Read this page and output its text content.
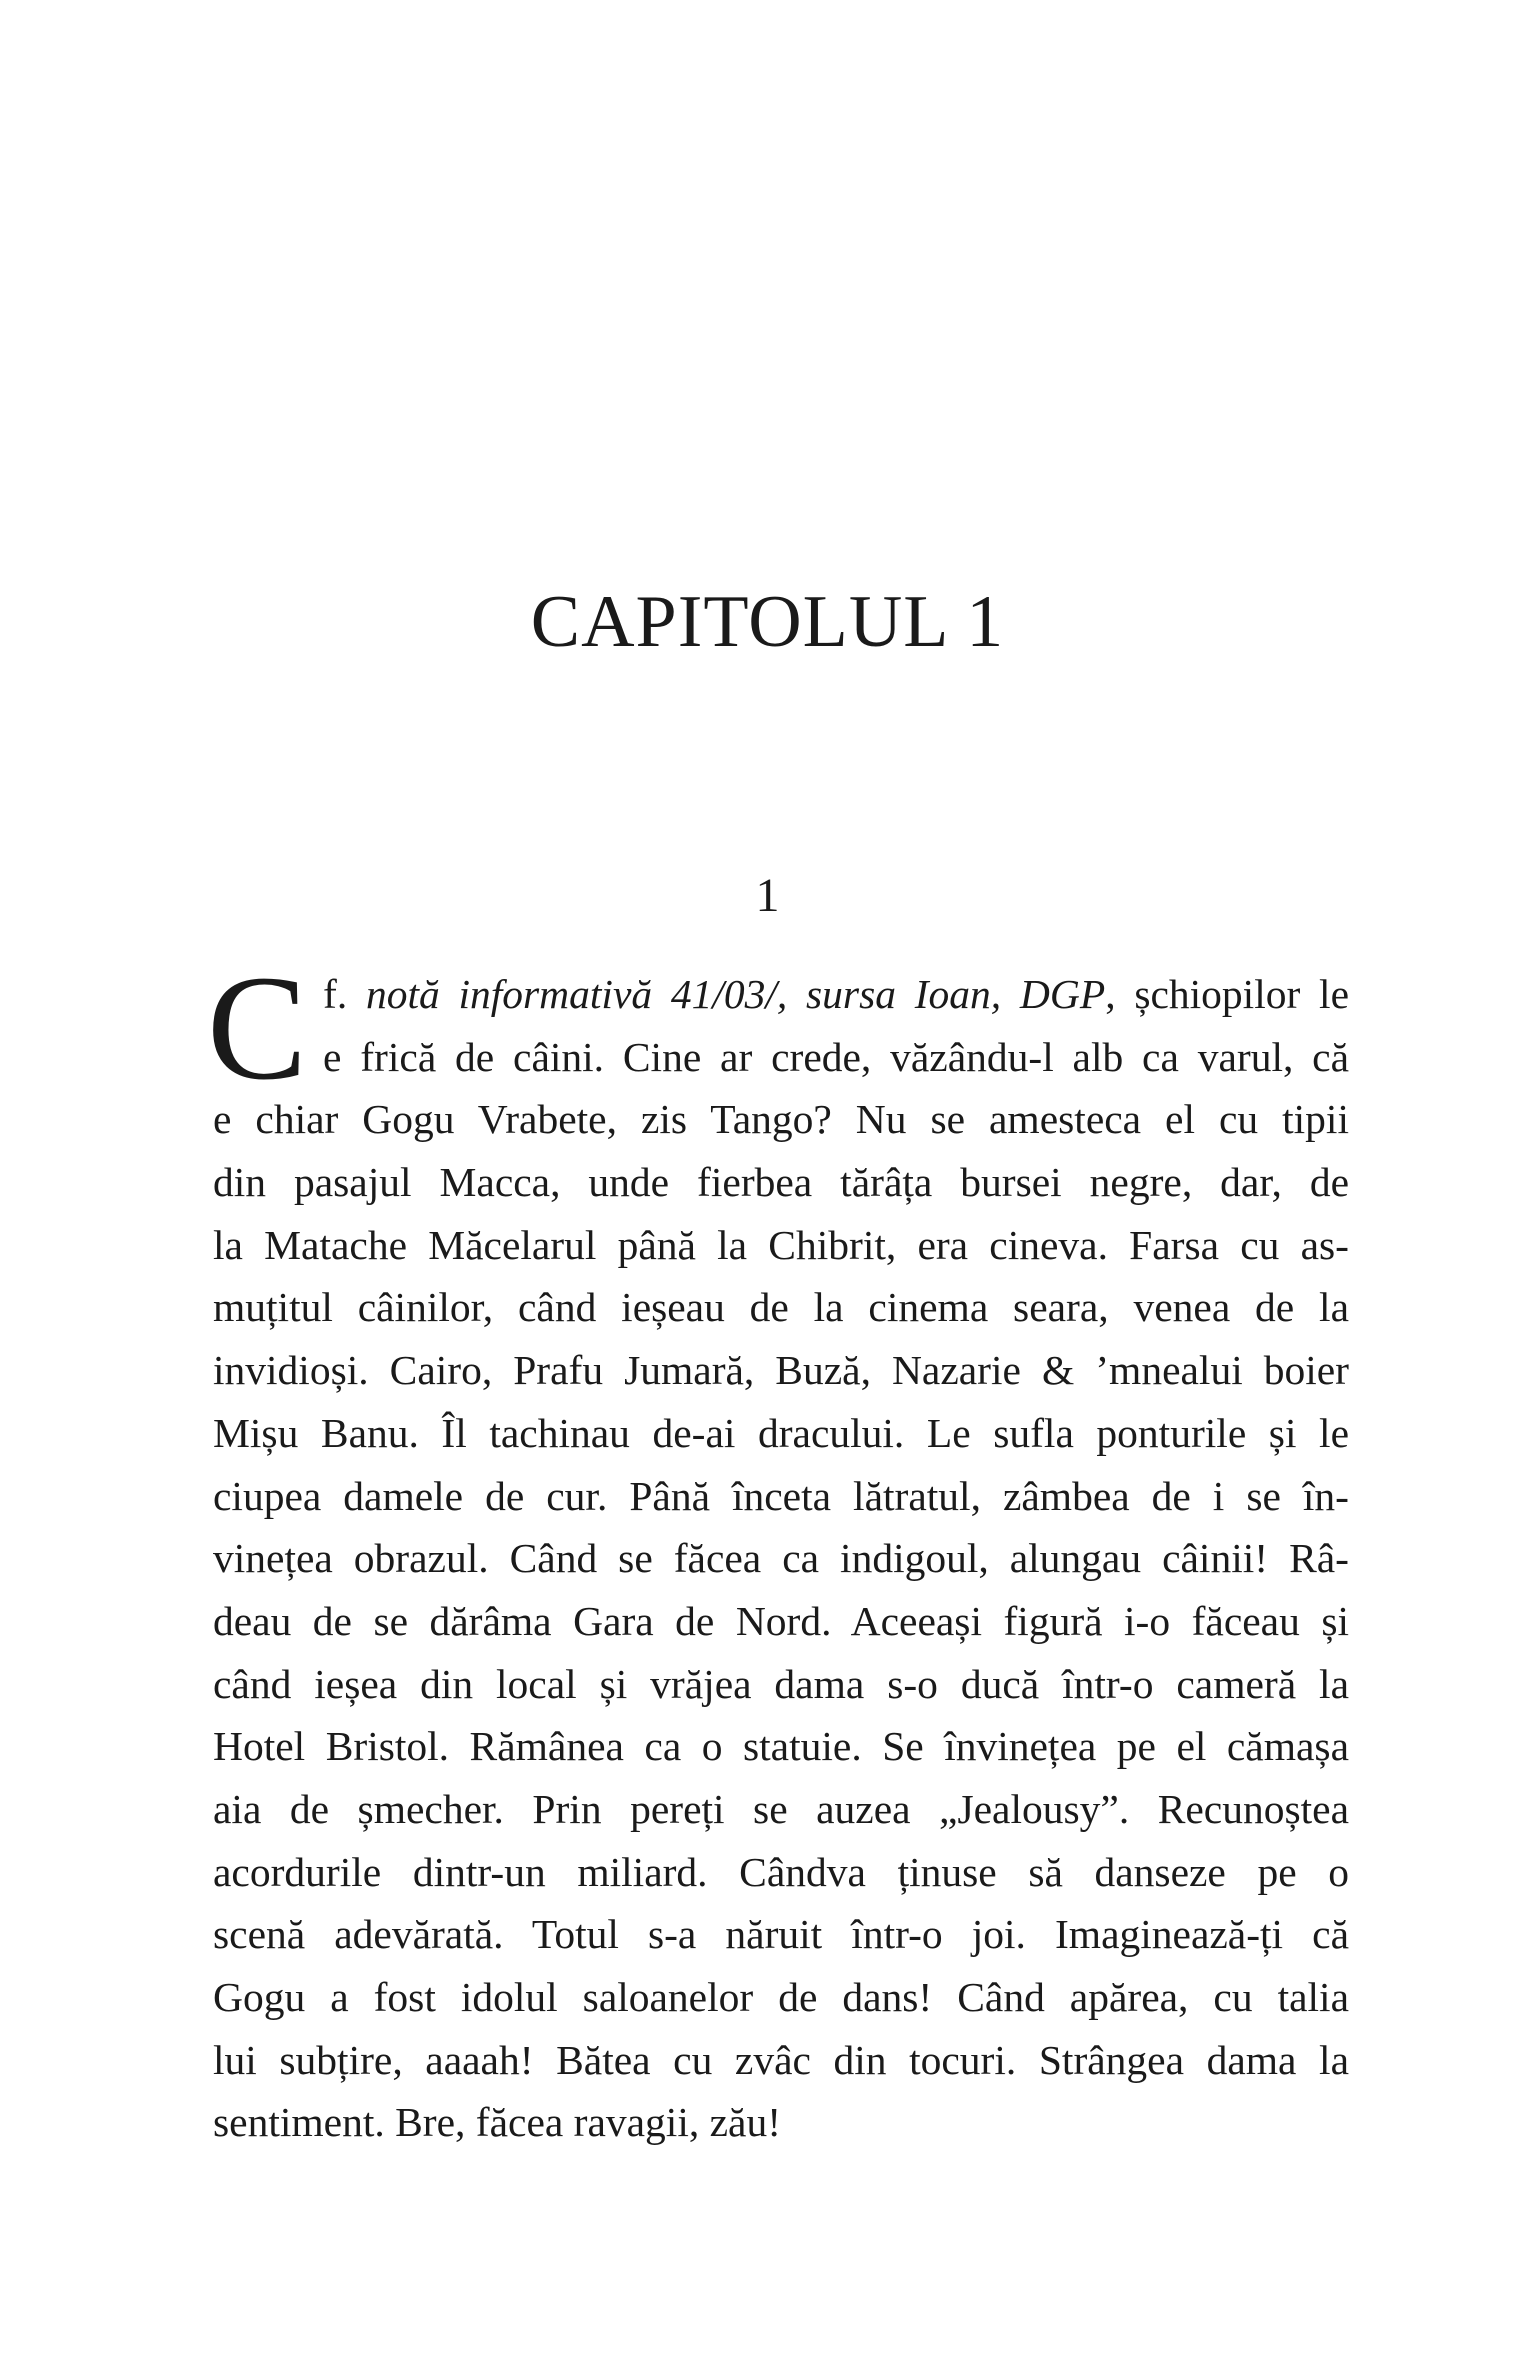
CAPITOLUL 1
1
C f. notă informativă 41/03/, sursa Ioan, DGP, șchiopilor le
e frică de câini. Cine ar crede, văzându-l alb ca varul, că
e chiar Gogu Vrabete, zis Tango? Nu se amesteca el cu tipii
din pasajul Macca, unde fierbea tărâța bursei negre, dar, de
la Matache Măcelarul până la Chibrit, era cineva. Farsa cu as-
muțitul câinilor, când ieșeau de la cinema seara, venea de la
invidioși. Cairo, Prafu Jumară, Buză, Nazarie & ’mnealui boier
Mișu Banu. Îl tachinau de-ai dracului. Le sufla ponturile și le
ciupea damele de cur. Până înceta lătratul, zâmbea de i se în-
vinețea obrazul. Când se făcea ca indigoul, alungau câinii! Râ-
deau de se dărâma Gara de Nord. Aceeași figură i-o făceau și
când ieșea din local și vrăjea dama s-o ducă într-o cameră la
Hotel Bristol. Rămânea ca o statuie. Se învinețea pe el cămașa
aia de șmecher. Prin pereți se auzea „Jealousy”. Recunoștea
acordurile dintr-un miliard. Cândva ținuse să danseze pe o
scenă adevărată. Totul s-a năruit într-o joi. Imaginează-ți că
Gogu a fost idolul saloanelor de dans! Când apărea, cu talia
lui subțire, aaaah! Bătea cu zvâc din tocuri. Strângea dama la
sentiment. Bre, făcea ravagii, zău!
